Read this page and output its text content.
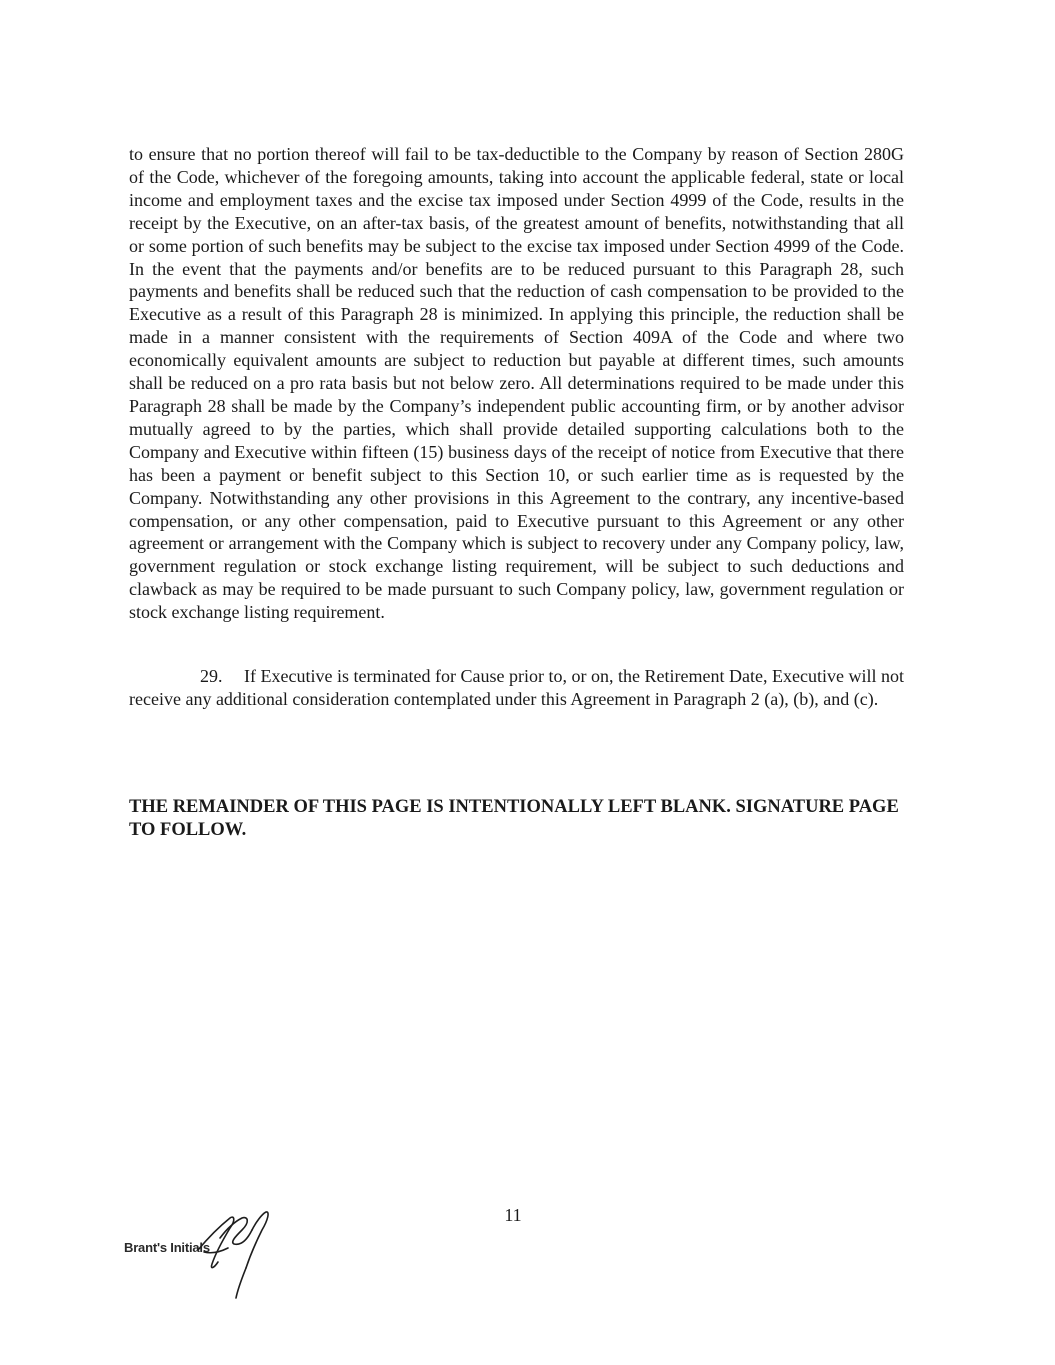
to ensure that no portion thereof will fail to be tax-deductible to the Company by reason of Section 280G of the Code, whichever of the foregoing amounts, taking into account the applicable federal, state or local income and employment taxes and the excise tax imposed under Section 4999 of the Code, results in the receipt by the Executive, on an after-tax basis, of the greatest amount of benefits, notwithstanding that all or some portion of such benefits may be subject to the excise tax imposed under Section 4999 of the Code. In the event that the payments and/or benefits are to be reduced pursuant to this Paragraph 28, such payments and benefits shall be reduced such that the reduction of cash compensation to be provided to the Executive as a result of this Paragraph 28 is minimized. In applying this principle, the reduction shall be made in a manner consistent with the requirements of Section 409A of the Code and where two economically equivalent amounts are subject to reduction but payable at different times, such amounts shall be reduced on a pro rata basis but not below zero. All determinations required to be made under this Paragraph 28 shall be made by the Company’s independent public accounting firm, or by another advisor mutually agreed to by the parties, which shall provide detailed supporting calculations both to the Company and Executive within fifteen (15) business days of the receipt of notice from Executive that there has been a payment or benefit subject to this Section 10, or such earlier time as is requested by the Company. Notwithstanding any other provisions in this Agreement to the contrary, any incentive-based compensation, or any other compensation, paid to Executive pursuant to this Agreement or any other agreement or arrangement with the Company which is subject to recovery under any Company policy, law, government regulation or stock exchange listing requirement, will be subject to such deductions and clawback as may be required to be made pursuant to such Company policy, law, government regulation or stock exchange listing requirement.

29. If Executive is terminated for Cause prior to, or on, the Retirement Date, Executive will not receive any additional consideration contemplated under this Agreement in Paragraph 2 (a), (b), and (c).

THE REMAINDER OF THIS PAGE IS INTENTIONALLY LEFT BLANK. SIGNATURE PAGE TO FOLLOW.

11
Brant's Initials
